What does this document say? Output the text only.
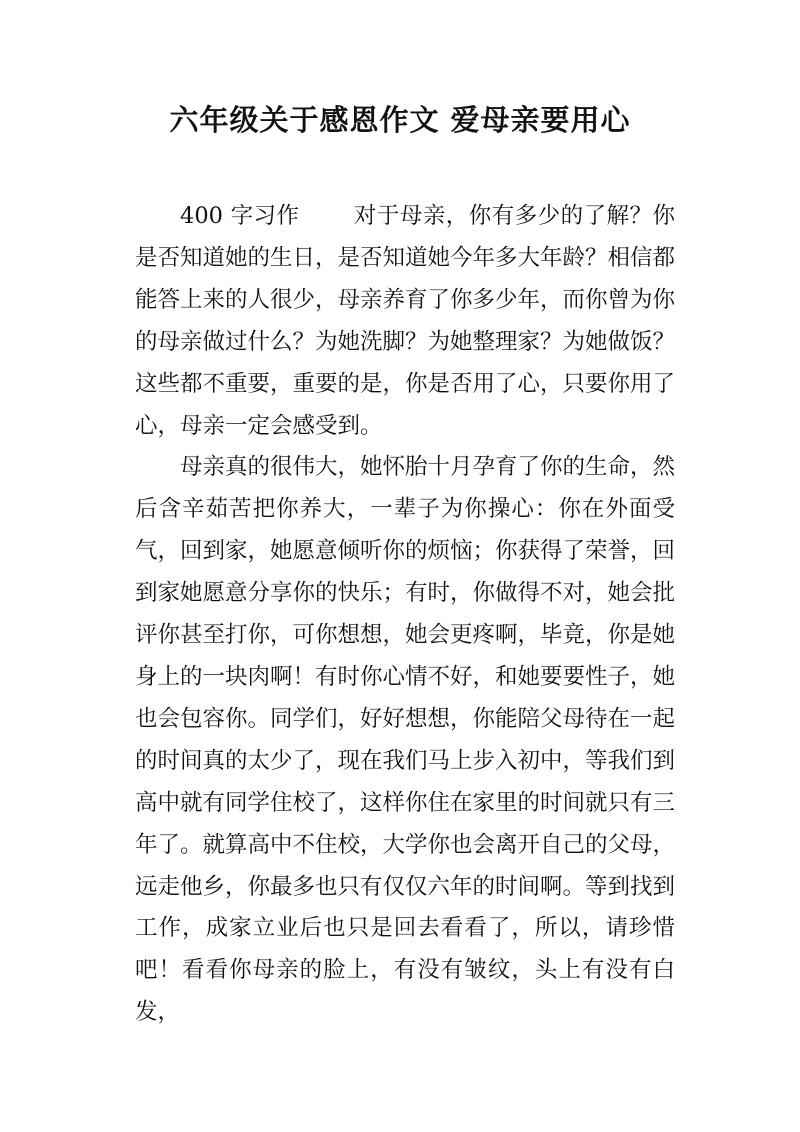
六年级关于感恩作文 爱母亲要用心

400 字习作 对于母亲，你有多少的了解？你是否知道她的生日，是否知道她今年多大年龄？相信都能答上来的人很少，母亲养育了你多少年，而你曾为你的母亲做过什么？为她洗脚？为她整理家？为她做饭？这些都不重要，重要的是，你是否用了心，只要你用了心，母亲一定会感受到。

母亲真的很伟大，她怀胎十月孕育了你的生命，然后含辛茹苦把你养大，一辈子为你操心：你在外面受气，回到家，她愿意倾听你的烦恼；你获得了荣誉，回到家她愿意分享你的快乐；有时，你做得不对，她会批评你甚至打你，可你想想，她会更疼啊，毕竟，你是她身上的一块肉啊！有时你心情不好，和她要要性子，她也会包容你。同学们，好好想想，你能陪父母待在一起的时间真的太少了，现在我们马上步入初中，等我们到高中就有同学住校了，这样你住在家里的时间就只有三年了。就算高中不住校，大学你也会离开自己的父母，远走他乡，你最多也只有仅仅六年的时间啊。等到找到工作，成家立业后也只是回去看看了，所以，请珍惜吧！看看你母亲的脸上，有没有皱纹，头上有没有白发，
